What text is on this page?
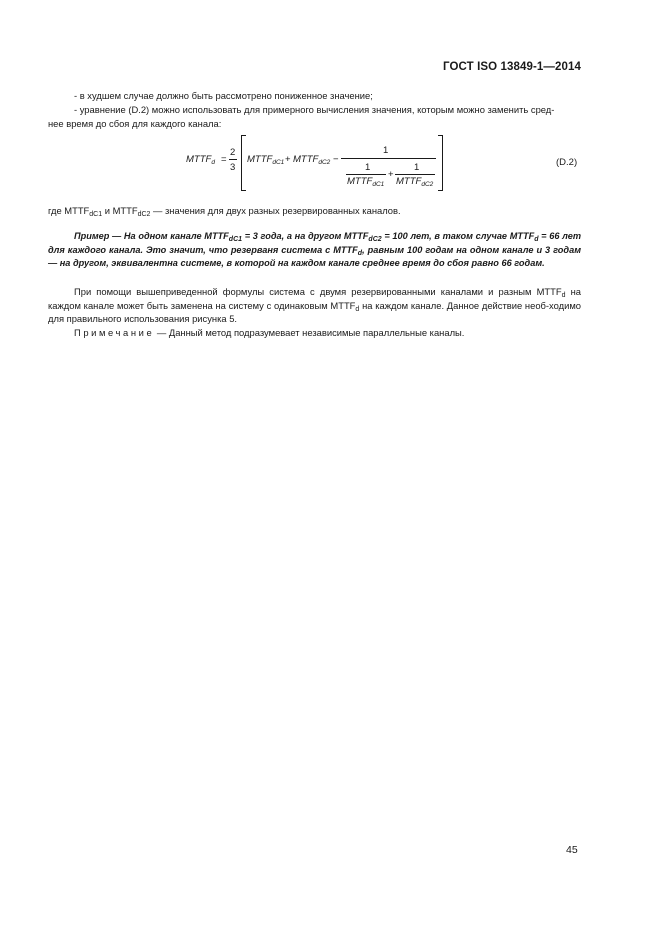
ГОСТ ISO 13849-1—2014
- в худшем случае должно быть рассмотрено пониженное значение;
- уравнение (D.2) можно использовать для примерного вычисления значения, которым можно заменить сред-
нее время до сбоя для каждого канала:
$MTTF_d$ =
2
3
$MTTF_{dC1}$ + $MTTF_{dC2}$ −
1
1
$MTTF_{dC1}$
+
1
$MTTF_{dC2}$
(D.2)
где $MTTF_{dC1}$ и $MTTF_{dC2}$ — значения для двух разных резервированных каналов.
Пример — На одном канале $MTTF_{dC1} = 3$ года, а на другом $MTTF_{dC2} = 100$ лет, в таком случае $MTTF_d = 66$ лет для каждого канала. Это значит, что резерваня система с $MTTF_d$, равным 100 годам на одном канале и 3 годам — на другом, эквивалентна системе, в которой на каждом канале среднее время до сбоя равно 66 годам.
При помощи вышеприведенной формулы система с двумя резервированными каналами и разным $MTTF_d$ на каждом канале может быть заменена на систему с одинаковым $MTTF_d$ на каждом канале. Данное действие необ-ходимо для правильного использования рисунка 5.
Примечание — Данный метод подразумевает независимые параллельные каналы.
45
